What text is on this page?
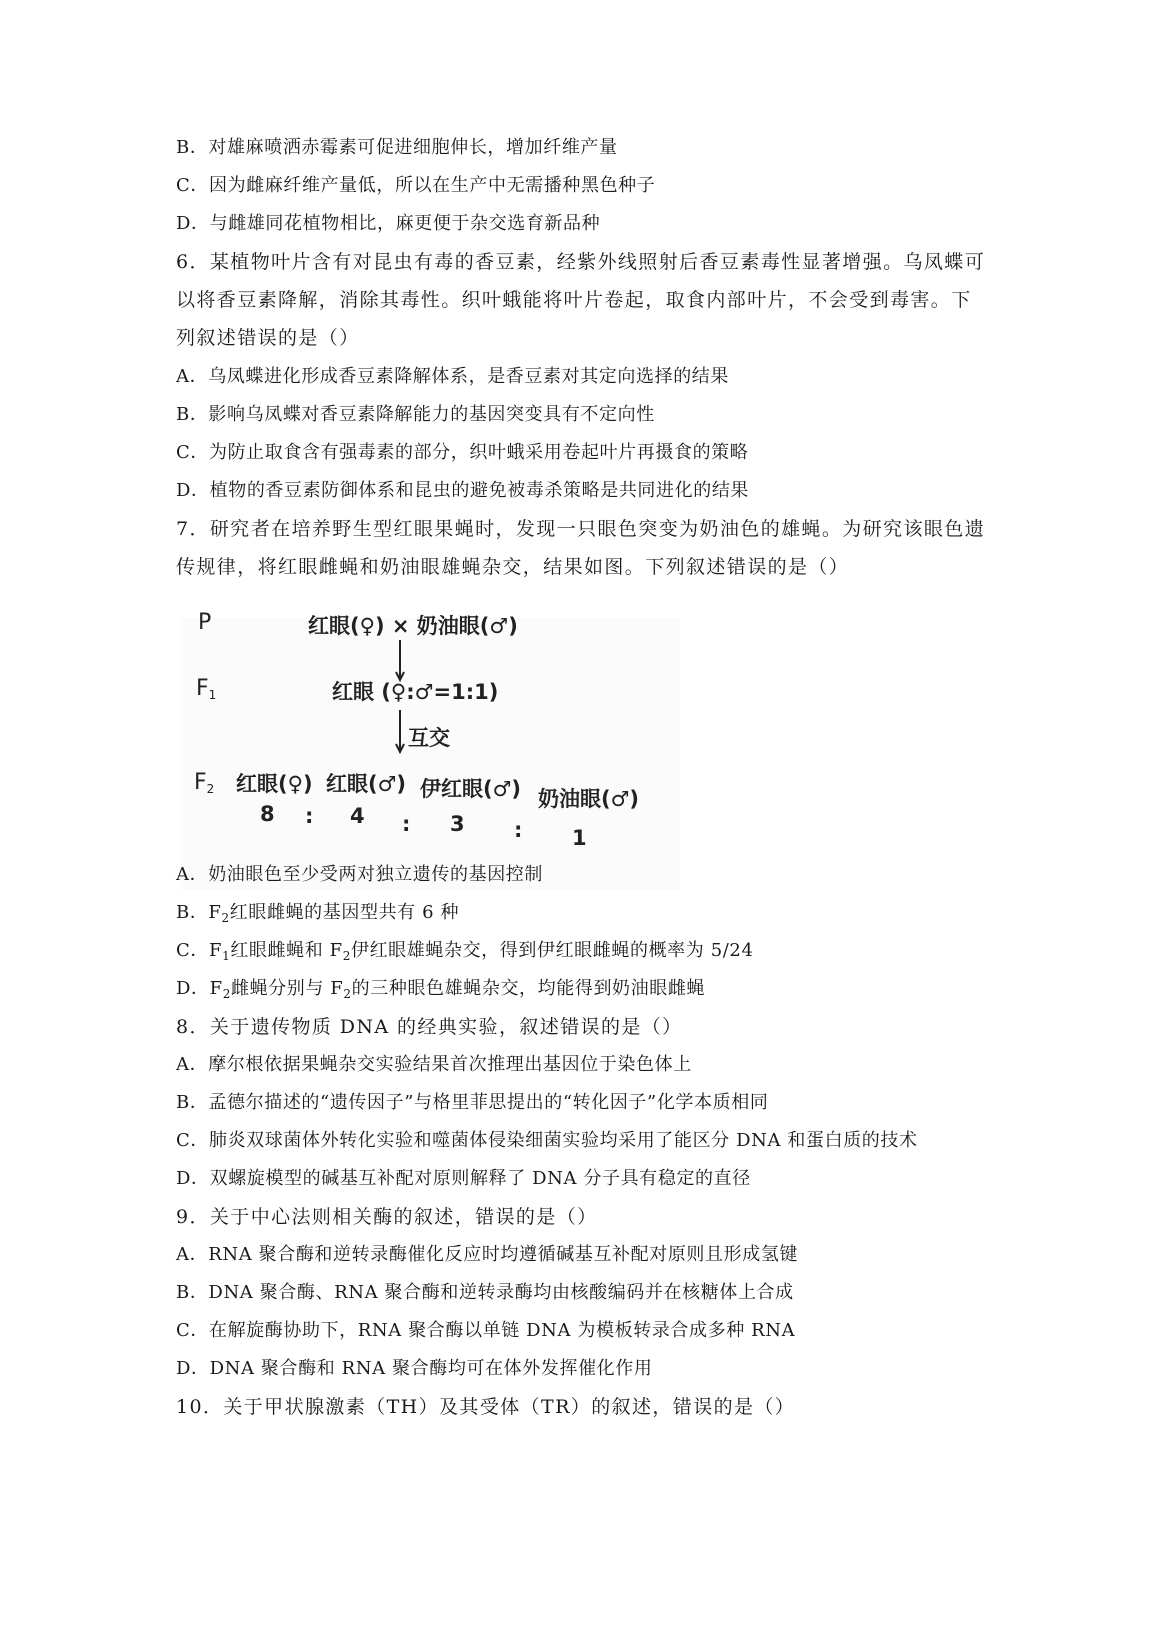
B．对雄麻喷洒赤霉素可促进细胞伸长，增加纤维产量
C．因为雌麻纤维产量低，所以在生产中无需播种黑色种子
D．与雌雄同花植物相比，麻更便于杂交选育新品种
6．某植物叶片含有对昆虫有毒的香豆素，经紫外线照射后香豆素毒性显著增强。乌凤蝶可
以将香豆素降解，消除其毒性。织叶蛾能将叶片卷起，取食内部叶片，不会受到毒害。下
列叙述错误的是（）
A．乌凤蝶进化形成香豆素降解体系，是香豆素对其定向选择的结果
B．影响乌凤蝶对香豆素降解能力的基因突变具有不定向性
C．为防止取食含有强毒素的部分，织叶蛾采用卷起叶片再摄食的策略
D．植物的香豆素防御体系和昆虫的避免被毒杀策略是共同进化的结果
7．研究者在培养野生型红眼果蝇时，发现一只眼色突变为奶油色的雄蝇。为研究该眼色遗
传规律，将红眼雌蝇和奶油眼雄蝇杂交，结果如图。下列叙述错误的是（）
P	红眼(♀) × 奶油眼(♂)
$F_1$	红眼 (♀:♂=1:1)
互交
$F_2$ 红眼(♀) 红眼(♂) 伊红眼(♂) 奶油眼(♂)
8 : 4 : 3 : 1
A．奶油眼色至少受两对独立遗传的基因控制
B．$F_2$红眼雌蝇的基因型共有 6 种
C．$F_1$红眼雌蝇和 $F_2$伊红眼雄蝇杂交，得到伊红眼雌蝇的概率为 5/24
D．$F_2$雌蝇分别与 $F_2$的三种眼色雄蝇杂交，均能得到奶油眼雌蝇
8．关于遗传物质 DNA 的经典实验，叙述错误的是（）
A．摩尔根依据果蝇杂交实验结果首次推理出基因位于染色体上
B．孟德尔描述的“遗传因子”与格里菲思提出的“转化因子”化学本质相同
C．肺炎双球菌体外转化实验和噬菌体侵染细菌实验均采用了能区分 DNA 和蛋白质的技术
D．双螺旋模型的碱基互补配对原则解释了 DNA 分子具有稳定的直径
9．关于中心法则相关酶的叙述，错误的是（）
A．RNA 聚合酶和逆转录酶催化反应时均遵循碱基互补配对原则且形成氢键
B．DNA 聚合酶、RNA 聚合酶和逆转录酶均由核酸编码并在核糖体上合成
C．在解旋酶协助下，RNA 聚合酶以单链 DNA 为模板转录合成多种 RNA
D．DNA 聚合酶和 RNA 聚合酶均可在体外发挥催化作用
10．关于甲状腺激素（TH）及其受体（TR）的叙述，错误的是（）
